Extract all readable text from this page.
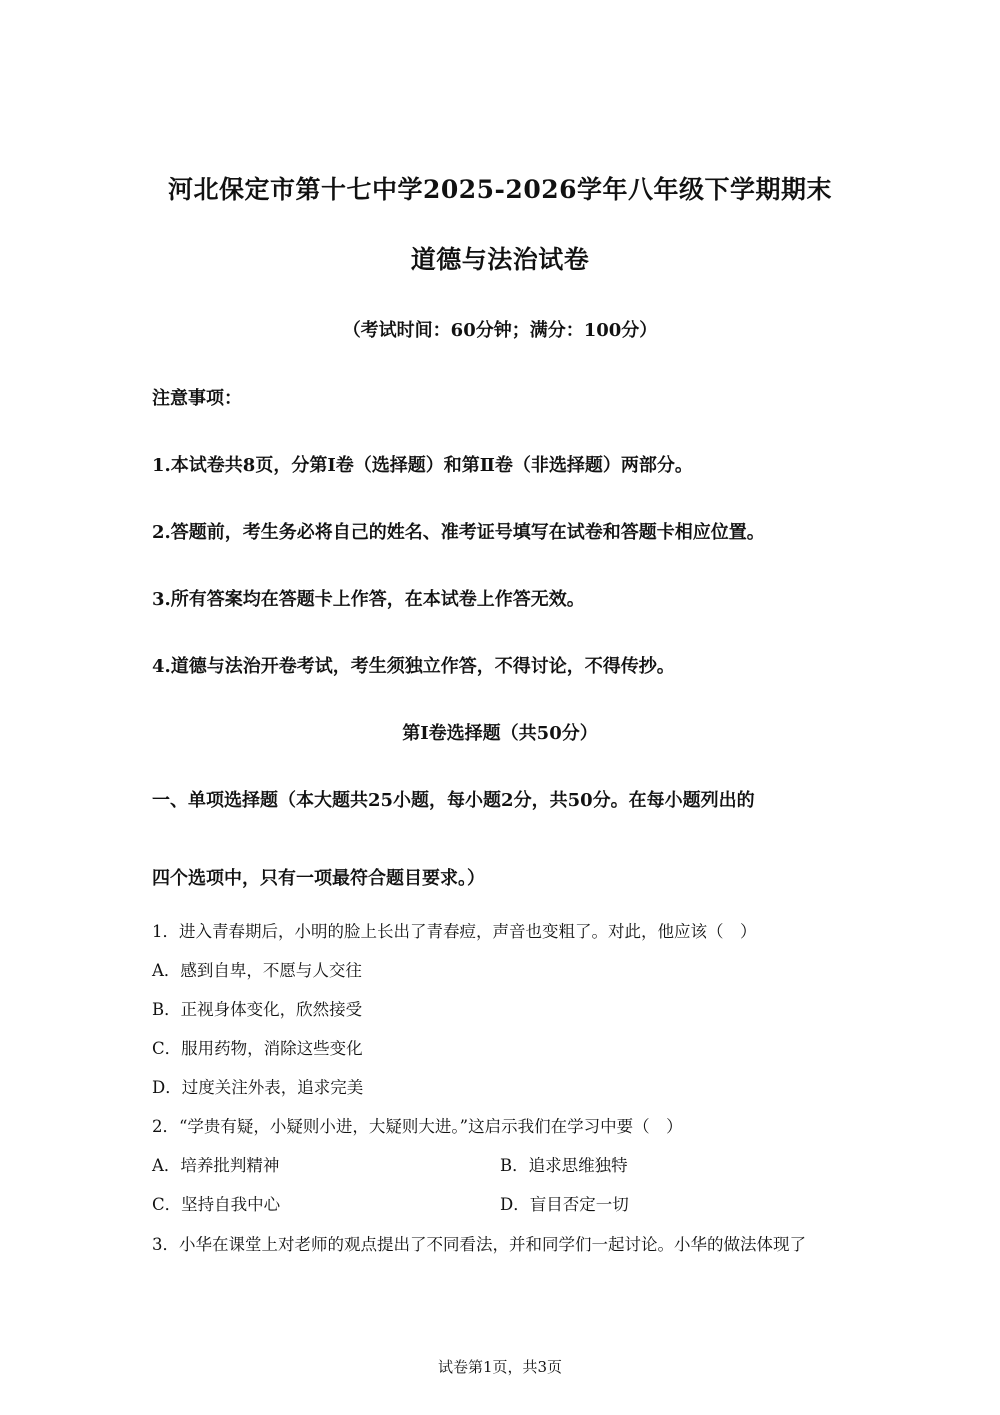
河北保定市第十七中学2025-2026学年八年级下学期期末
道德与法治试卷
（考试时间：60分钟；满分：100分）
注意事项：
1.本试卷共8页，分第Ⅰ卷（选择题）和第Ⅱ卷（非选择题）两部分。
2.答题前，考生务必将自己的姓名、准考证号填写在试卷和答题卡相应位置。
3.所有答案均在答题卡上作答，在本试卷上作答无效。
4.道德与法治开卷考试，考生须独立作答，不得讨论，不得传抄。
第Ⅰ卷选择题（共50分）
一、单项选择题（本大题共25小题，每小题2分，共50分。在每小题列出的
四个选项中，只有一项最符合题目要求。）
1．进入青春期后，小明的脸上长出了青春痘，声音也变粗了。对此，他应该（　）
A．感到自卑，不愿与人交往
B．正视身体变化，欣然接受
C．服用药物，消除这些变化
D．过度关注外表，追求完美
2．“学贵有疑，小疑则小进，大疑则大进。”这启示我们在学习中要（　）
A．培养批判精神	B．追求思维独特
C．坚持自我中心	D．盲目否定一切
3．小华在课堂上对老师的观点提出了不同看法，并和同学们一起讨论。小华的做法体现了
试卷第1页，共3页
